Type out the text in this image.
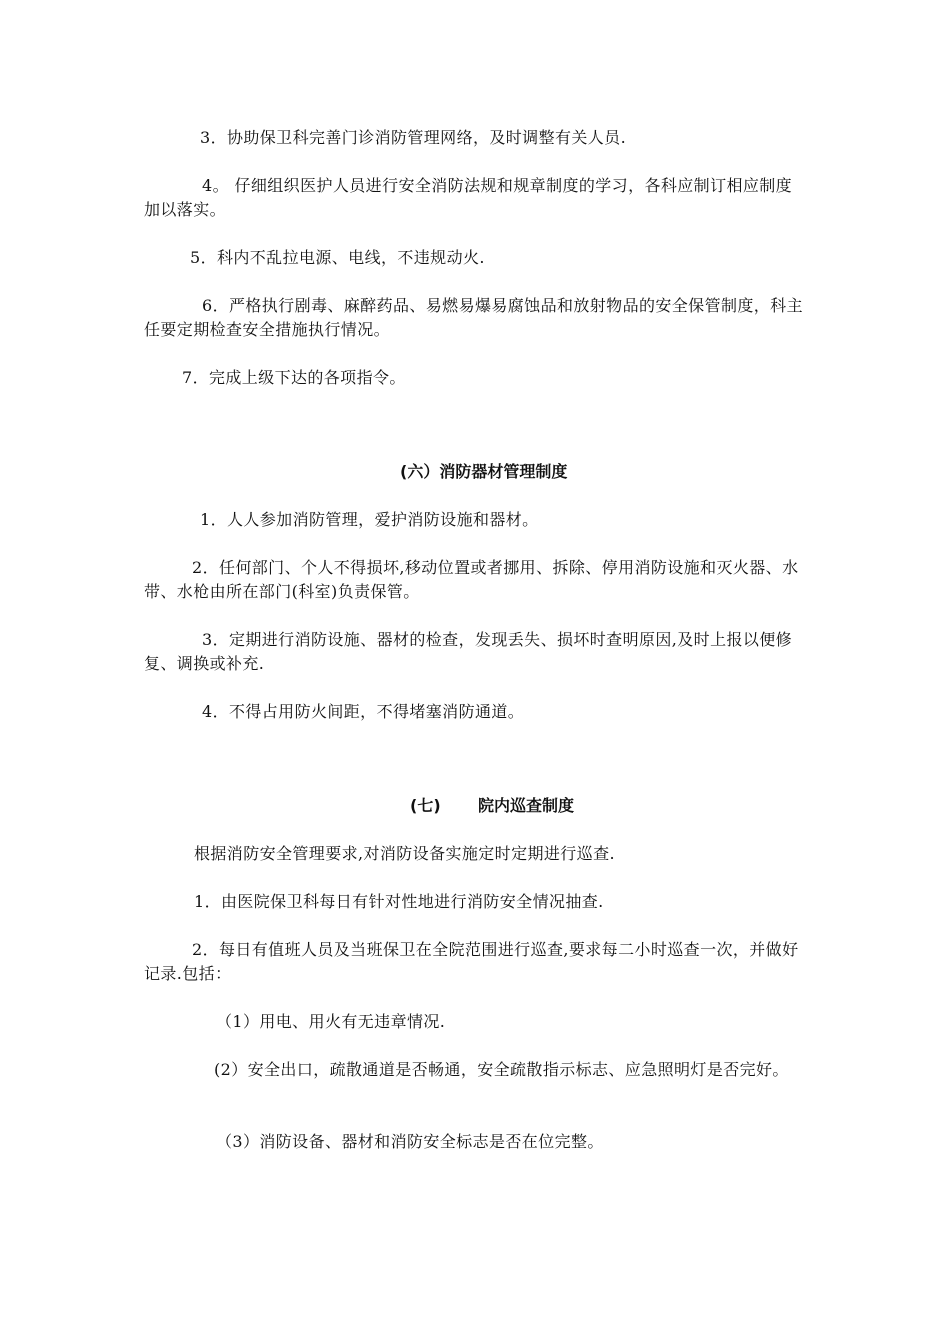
3．协助保卫科完善门诊消防管理网络，及时调整有关人员.

4。 仔细组织医护人员进行安全消防法规和规章制度的学习，各科应制订相应制度加以落实。

5．科内不乱拉电源、电线，不违规动火.

6．严格执行剧毒、麻醉药品、易燃易爆易腐蚀品和放射物品的安全保管制度，科主任要定期检查安全措施执行情况。

7．完成上级下达的各项指令。

(六）消防器材管理制度

1．人人参加消防管理，爱护消防设施和器材。

2．任何部门、个人不得损坏,移动位置或者挪用、拆除、停用消防设施和灭火器、水带、水枪由所在部门(科室)负责保管。

3．定期进行消防设施、器材的检查，发现丢失、损坏时查明原因,及时上报以便修复、调换或补充.

4．不得占用防火间距，不得堵塞消防通道。

(七) 院内巡查制度

根据消防安全管理要求,对消防设备实施定时定期进行巡查.

1．由医院保卫科每日有针对性地进行消防安全情况抽查.

2．每日有值班人员及当班保卫在全院范围进行巡查,要求每二小时巡查一次，并做好记录.包括：

（1）用电、用火有无违章情况.

(2）安全出口，疏散通道是否畅通，安全疏散指示标志、应急照明灯是否完好。

（3）消防设备、器材和消防安全标志是否在位完整。
